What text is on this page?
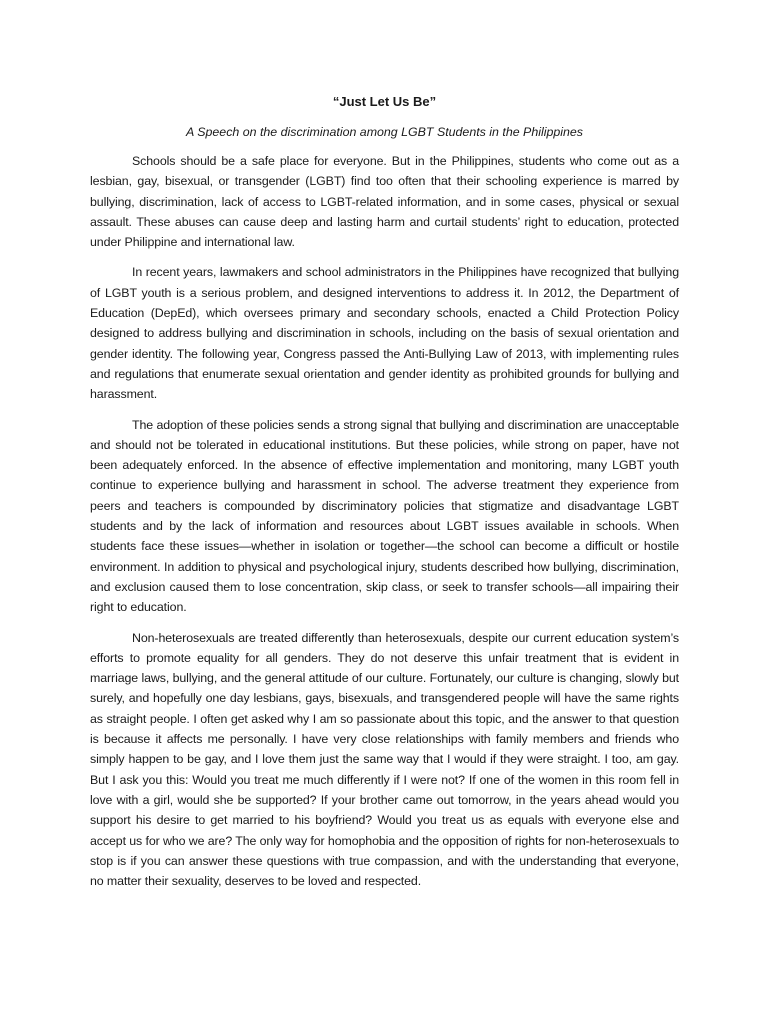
“Just Let Us Be”

A Speech on the discrimination among LGBT Students in the Philippines

Schools should be a safe place for everyone. But in the Philippines, students who come out as a lesbian, gay, bisexual, or transgender (LGBT) find too often that their schooling experience is marred by bullying, discrimination, lack of access to LGBT-related information, and in some cases, physical or sexual assault. These abuses can cause deep and lasting harm and curtail students’ right to education, protected under Philippine and international law.

In recent years, lawmakers and school administrators in the Philippines have recognized that bullying of LGBT youth is a serious problem, and designed interventions to address it. In 2012, the Department of Education (DepEd), which oversees primary and secondary schools, enacted a Child Protection Policy designed to address bullying and discrimination in schools, including on the basis of sexual orientation and gender identity. The following year, Congress passed the Anti-Bullying Law of 2013, with implementing rules and regulations that enumerate sexual orientation and gender identity as prohibited grounds for bullying and harassment.

The adoption of these policies sends a strong signal that bullying and discrimination are unacceptable and should not be tolerated in educational institutions. But these policies, while strong on paper, have not been adequately enforced. In the absence of effective implementation and monitoring, many LGBT youth continue to experience bullying and harassment in school. The adverse treatment they experience from peers and teachers is compounded by discriminatory policies that stigmatize and disadvantage LGBT students and by the lack of information and resources about LGBT issues available in schools. When students face these issues—whether in isolation or together—the school can become a difficult or hostile environment. In addition to physical and psychological injury, students described how bullying, discrimination, and exclusion caused them to lose concentration, skip class, or seek to transfer schools—all impairing their right to education.

Non-heterosexuals are treated differently than heterosexuals, despite our current education system’s efforts to promote equality for all genders. They do not deserve this unfair treatment that is evident in marriage laws, bullying, and the general attitude of our culture. Fortunately, our culture is changing, slowly but surely, and hopefully one day lesbians, gays, bisexuals, and transgendered people will have the same rights as straight people. I often get asked why I am so passionate about this topic, and the answer to that question is because it affects me personally. I have very close relationships with family members and friends who simply happen to be gay, and I love them just the same way that I would if they were straight. I too, am gay. But I ask you this: Would you treat me much differently if I were not? If one of the women in this room fell in love with a girl, would she be supported? If your brother came out tomorrow, in the years ahead would you support his desire to get married to his boyfriend? Would you treat us as equals with everyone else and accept us for who we are? The only way for homophobia and the opposition of rights for non-heterosexuals to stop is if you can answer these questions with true compassion, and with the understanding that everyone, no matter their sexuality, deserves to be loved and respected.
